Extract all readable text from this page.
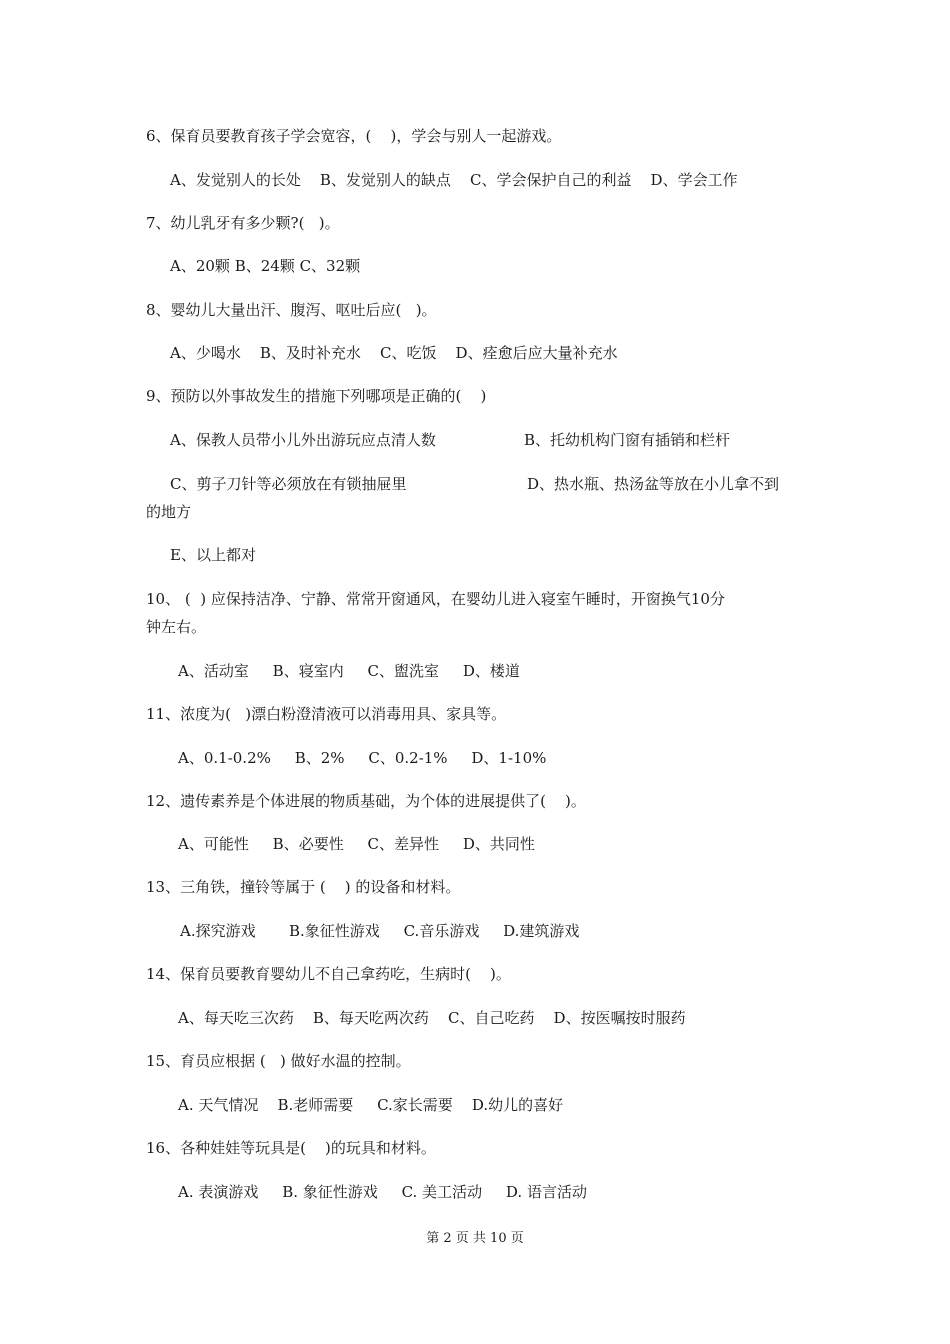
6、保育员要教育孩子学会宽容，(    )，学会与别人一起游戏。
A、发觉别人的长处    B、发觉别人的缺点    C、学会保护自己的利益    D、学会工作
7、幼儿乳牙有多少颗?(   )。
A、20颗 B、24颗 C、32颗
8、婴幼儿大量出汗、腹泻、呕吐后应(   )。
A、少喝水    B、及时补充水    C、吃饭    D、痊愈后应大量补充水
9、预防以外事故发生的措施下列哪项是正确的(    )
A、保教人员带小儿外出游玩应点清人数	B、托幼机构门窗有插销和栏杆
C、剪子刀针等必须放在有锁抽屉里	D、热水瓶、热汤盆等放在小儿拿不到
的地方
E、以上都对
10、 (  ) 应保持洁净、宁静、常常开窗通风，在婴幼儿进入寝室午睡时，开窗换气10分
钟左右。
A、活动室     B、寝室内     C、盥洗室     D、楼道
11、浓度为(   )漂白粉澄清液可以消毒用具、家具等。
A、0.1-0.2%     B、2%     C、0.2-1%     D、1-10%
12、遗传素养是个体进展的物质基础，为个体的进展提供了(    )。
A、可能性     B、必要性     C、差异性     D、共同性
13、三角铁，撞铃等属于 (    ) 的设备和材料。
A.探究游戏       B.象征性游戏     C.音乐游戏     D.建筑游戏
14、保育员要教育婴幼儿不自己拿药吃，生病时(    )。
A、每天吃三次药    B、每天吃两次药    C、自己吃药    D、按医嘱按时服药
15、育员应根据 (   ) 做好水温的控制。
A. 天气情况    B.老师需要     C.家长需要    D.幼儿的喜好
16、各种娃娃等玩具是(    )的玩具和材料。
A. 表演游戏     B. 象征性游戏     C. 美工活动     D. 语言活动
第 2 页 共 10 页
